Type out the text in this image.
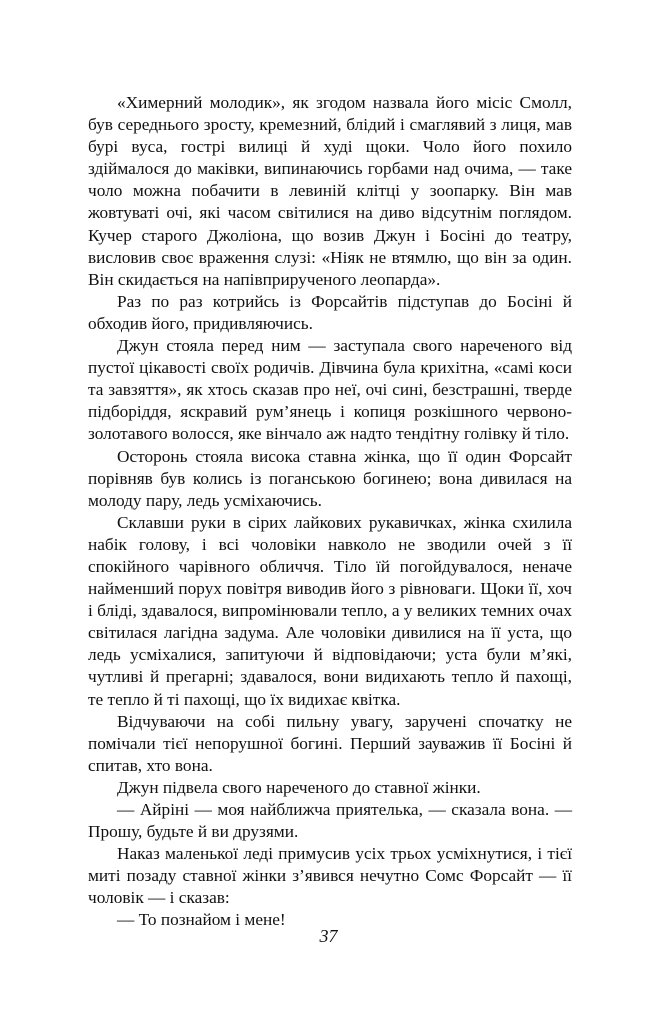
«Химерний молодик», як згодом назвала його місіс Смолл, був середнього зросту, кремезний, блідий і смаглявий з лиця, мав бурі вуса, гострі вилиці й худі щоки. Чоло його похило здіймалося до маківки, випинаючись горбами над очима, — таке чоло можна побачити в левиній клітці у зоопарку. Він мав жовтуваті очі, які часом світилися на диво відсутнім поглядом. Кучер старого Джоліона, що возив Джун і Босіні до театру, висловив своє враження слузі: «Ніяк не втямлю, що він за один. Він скидається на напівприрученого леопарда».

Раз по раз котрийсь із Форсайтів підступав до Босіні й обходив його, придивляючись.

Джун стояла перед ним — заступала свого нареченого від пустої цікавості своїх родичів. Дівчина була крихітна, «самі коси та завзяття», як хтось сказав про неї, очі сині, безстрашні, тверде підборіддя, яскравий рум’янець і копиця розкішного червоно-золотавого волосся, яке вінчало аж надто тендітну голівку й тіло.

Осторонь стояла висока ставна жінка, що її один Форсайт порівняв був колись із поганською богинею; вона дивилася на молоду пару, ледь усміхаючись.

Склавши руки в сірих лайкових рукавичках, жінка схилила набік голову, і всі чоловіки навколо не зводили очей з її спокійного чарівного обличчя. Тіло їй погойдувалося, неначе найменший порух повітря виводив його з рівноваги. Щоки її, хоч і бліді, здавалося, випромінювали тепло, а у великих темних очах світилася лагідна задума. Але чоловіки дивилися на її уста, що ледь усміхалися, запитуючи й відповідаючи; уста були м’які, чутливі й прегарні; здавалося, вони видихають тепло й пахощі, те тепло й ті пахощі, що їх видихає квітка.

Відчуваючи на собі пильну увагу, заручені спочатку не помічали тієї непорушної богині. Перший зауважив її Босіні й спитав, хто вона.

Джун підвела свого нареченого до ставної жінки.

— Айріні — моя найближча приятелька, — сказала вона. — Прошу, будьте й ви друзями.

Наказ маленької леді примусив усіх трьох усміхнутися, і тієї миті позаду ставної жінки з’явився нечутно Сомс Форсайт — її чоловік — і сказав:

— То познайом і мене!

37
